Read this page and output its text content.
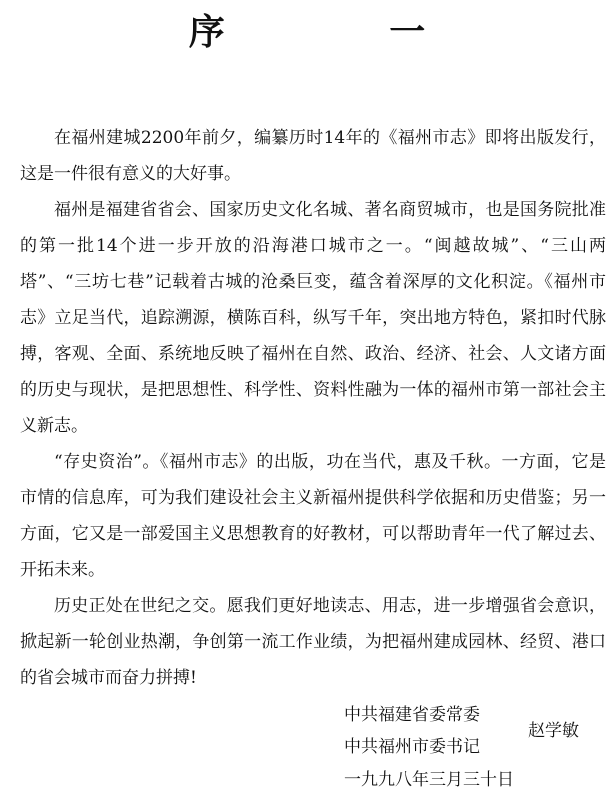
序 一

在福州建城2200年前夕，编纂历时14年的《福州市志》即将出版发行，这是一件很有意义的大好事。

福州是福建省省会、国家历史文化名城、著名商贸城市，也是国务院批准的第一批14个进一步开放的沿海港口城市之一。“闽越故城”、“三山两塔”、“三坊七巷”记载着古城的沧桑巨变，蕴含着深厚的文化积淀。《福州市志》立足当代，追踪溯源，横陈百科，纵写千年，突出地方特色，紧扣时代脉搏，客观、全面、系统地反映了福州在自然、政治、经济、社会、人文诸方面的历史与现状，是把思想性、科学性、资料性融为一体的福州市第一部社会主义新志。

“存史资治”。《福州市志》的出版，功在当代，惠及千秋。一方面，它是市情的信息库，可为我们建设社会主义新福州提供科学依据和历史借鉴；另一方面，它又是一部爱国主义思想教育的好教材，可以帮助青年一代了解过去、开拓未来。

历史正处在世纪之交。愿我们更好地读志、用志，进一步增强省会意识，掀起新一轮创业热潮，争创第一流工作业绩，为把福州建成园林、经贸、港口的省会城市而奋力拼搏!

中共福建省委常委
赵学敏
中共福州市委书记
一九九八年三月三十日
